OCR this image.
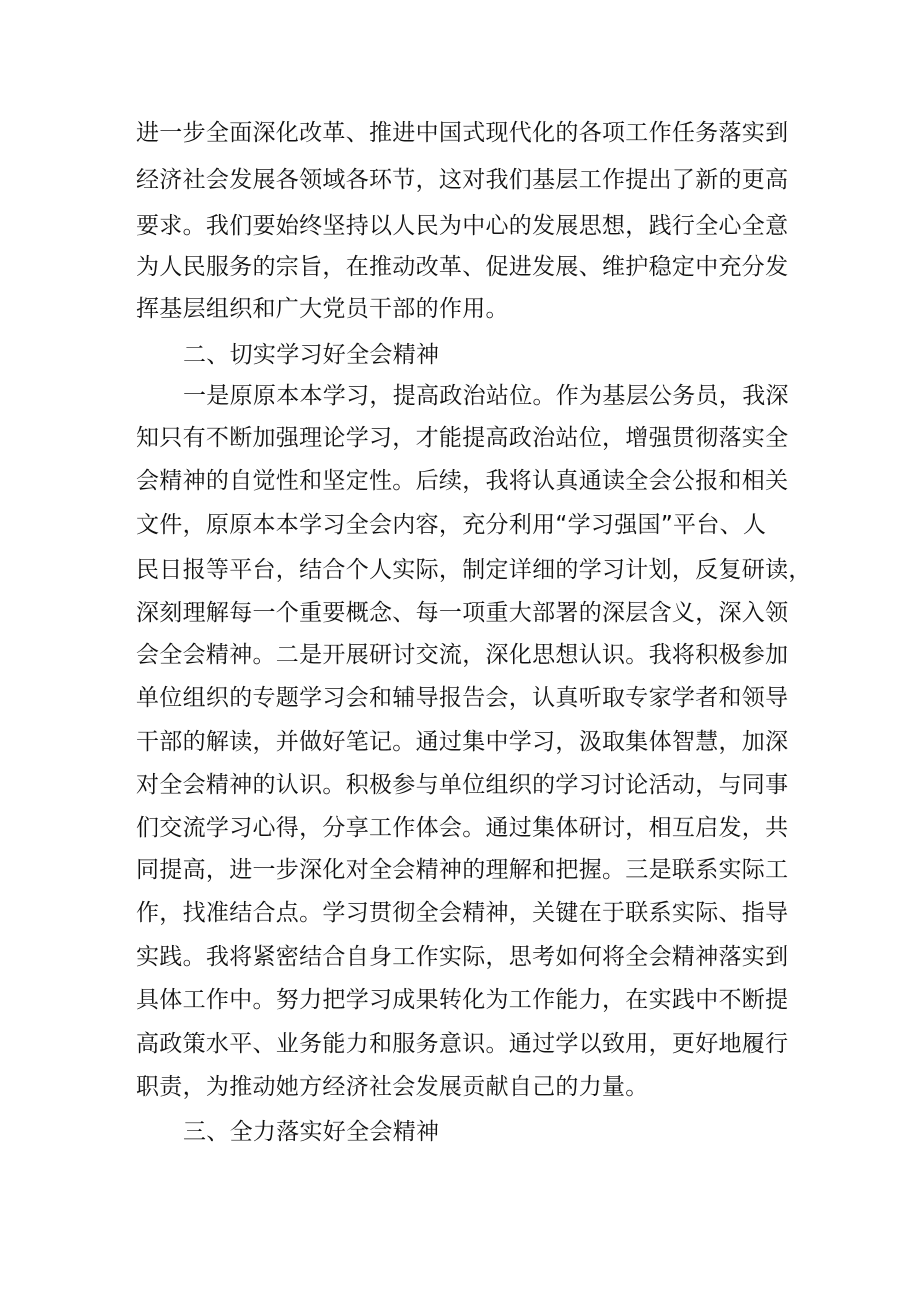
进一步全面深化改革、推进中国式现代化的各项工作任务落实到
经济社会发展各领域各环节，这对我们基层工作提出了新的更高
要求。我们要始终坚持以人民为中心的发展思想，践行全心全意
为人民服务的宗旨，在推动改革、促进发展、维护稳定中充分发
挥基层组织和广大党员干部的作用。
二、切实学习好全会精神
一是原原本本学习，提高政治站位。作为基层公务员，我深
知只有不断加强理论学习，才能提高政治站位，增强贯彻落实全
会精神的自觉性和坚定性。后续，我将认真通读全会公报和相关
文件，原原本本学习全会内容，充分利用“学习强国”平台、人
民日报等平台，结合个人实际，制定详细的学习计划，反复研读，
深刻理解每一个重要概念、每一项重大部署的深层含义，深入领
会全会精神。二是开展研讨交流，深化思想认识。我将积极参加
单位组织的专题学习会和辅导报告会，认真听取专家学者和领导
干部的解读，并做好笔记。通过集中学习，汲取集体智慧，加深
对全会精神的认识。积极参与单位组织的学习讨论活动，与同事
们交流学习心得，分享工作体会。通过集体研讨，相互启发，共
同提高，进一步深化对全会精神的理解和把握。三是联系实际工
作，找准结合点。学习贯彻全会精神，关键在于联系实际、指导
实践。我将紧密结合自身工作实际，思考如何将全会精神落实到
具体工作中。努力把学习成果转化为工作能力，在实践中不断提
高政策水平、业务能力和服务意识。通过学以致用，更好地履行
职责，为推动她方经济社会发展贡献自己的力量。
三、全力落实好全会精神
